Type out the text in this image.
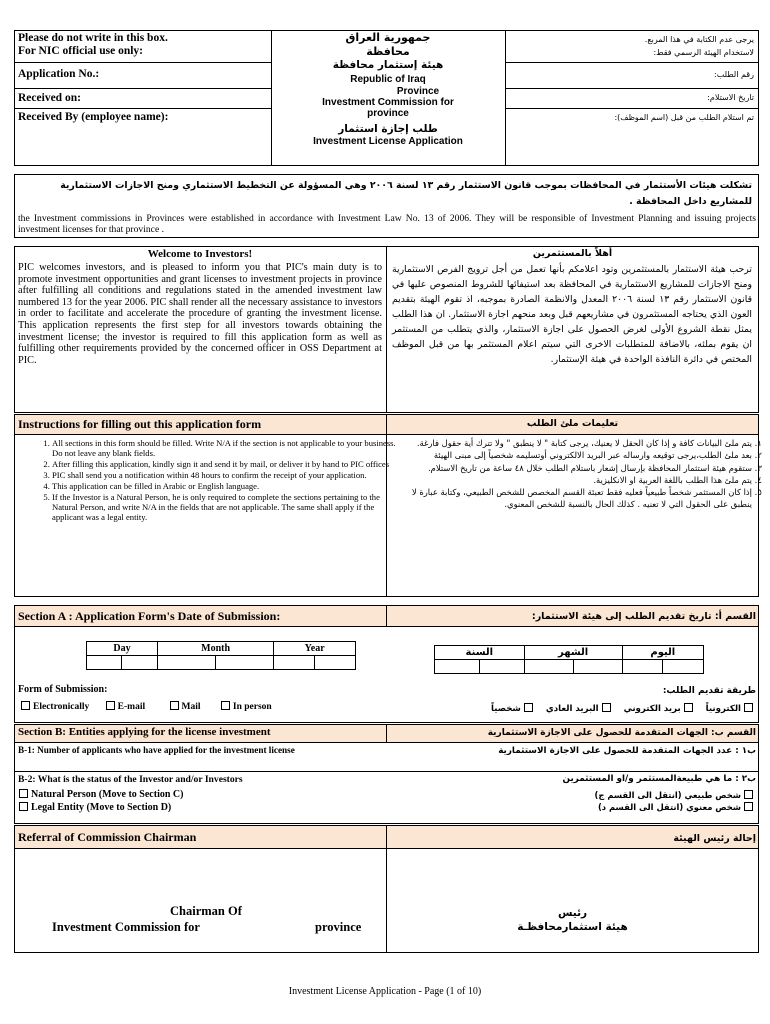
Please do not write in this box.
For NIC official use only:
Application No.:
Received on:
Received By (employee name):
يرجى عدم الكتابة في هذا المربع.
لاستخدام الهيئة الرسمي فقط:
رقم الطلب:
تاريخ الاستلام:
تم استلام الطلب من قبل (اسم الموظف):
جمهورية العراق
محافظة
هيئة إستثمار محافظة
Republic of Iraq
Province
Investment Commission for
province
طلب إجازة استثمار
Investment License Application
تشكلت هيئات الأستثمار في المحافظات بموجب قانون الاستثمار رقم ١٣ لسنة ٢٠٠٦ وهي المسؤولة عن التخطيط الاستثماري ومنح الاجازات الاستثمارية للمشاريع داخل المحافظة .
the Investment commissions in Provinces were established in accordance with Investment Law No. 13 of 2006. They will be responsible of Investment Planning and issuing projects investment licenses for that province .
Welcome to Investors!
PIC welcomes investors, and is pleased to inform you that PIC's main duty is to promote investment opportunities and grant licenses to investment projects in province after fulfilling all conditions and regulations stated in the amended investment law numbered 13 for the year 2006. PIC shall render all the necessary assistance to investors in order to facilitate and accelerate the procedure of granting the investment license. This application represents the first step for all investors towards obtaining the investment license; the investor is required to fill this application form as well as fulfilling other requirements provided by the concerned officer in OSS Department at PIC.
أهلاً بالمستثمرين
ترحب هيئة الاستثمار بالمستثمرين وتود اعلامكم بأنها تعمل من أجل ترويج الفرص الاستثمارية ومنح الاجازات للمشاريع الاستثمارية في المحافظة بعد استيفائها للشروط المنصوص عليها في قانون الاستثمار رقم ١٣ لسنة ٢٠٠٦ المعدل والانظمة الصادرة بموجبه، اذ تقوم الهيئة بتقديم العون الذي يحتاجه المستثمرون في مشاريعهم قبل وبعد منحهم اجازة الاستثمار. ان هذا الطلب يمثل نقطة الشروع الأولى لغرض الحصول على اجازة الاستثمار، والذي يتطلب من المستثمر ان يقوم بملئه، بالاضافة للمتطلبات الاخرى التي سيتم اعلام المستثمر بها من قبل الموظف المختص في دائرة النافذة الواحدة في هيئة الإستثمار.
Instructions for filling out this application form	تعليمات ملئ الطلب
1. All sections in this form should be filled. Write N/A if the section is not applicable to your business. Do not leave any blank fields.
2. After filling this application, kindly sign it and send it by mail, or deliver it by hand to PIC offices
3. PIC shall send you a notification within 48 hours to confirm the receipt of your application.
4. This application can be filled in Arabic or English language.
5. If the Investor is a Natural Person, he is only required to complete the sections pertaining to the Natural Person, and write N/A in the fields that are not applicable. The same shall apply if the applicant was a legal entity.
1. يتم ملئ البيانات كافة و إذا كان الحقل لا يعنيك، يرجى كتابة " لا ينطبق " ولا تترك أية حقول فارغة.
2. بعد ملئ الطلب،يرجى توقيعه وارساله عبر البريد الالكتروني أوتسليمه شخصياً إلى مبنى الهيئة
3. ستقوم هيئة استثمار المحافظة بإرسال إشعار باستلام الطلب خلال ٤٨ ساعة من تاريخ الاستلام.
4. يتم ملئ هذا الطلب باللغة العربية او الانكليزية.
5. إذا كان المستثمر شخصاً طبيعياً فعليه فقط تعبئة القسم المخصص للشخص الطبيعي، وكتابة عبارة لا ينطبق على الحقول التي لا تعنيه . كذلك الحال بالنسبة للشخص المعنوي.
Section A : Application Form's Date of Submission:	القسم أ: تاريخ تقديم الطلب إلى هيئة الاستثمار:
Day		Month		Year	
						السنة		الشهر		اليوم	

Form of Submission:
Electronically	E-mail	Mail	In person
طريقة تقديم الطلب:
الكترونياً بريد الكتروني البريد العادي شخصياً
Section B: Entities applying for the license investment	القسم ب: الجهات المتقدمة للحصول على الاجازة الاستثمارية
B-1: Number of applicants who have applied for the investment license	ب١ : عدد الجهات المتقدمة للحصول على الاجازة الاستثمارية
B-2: What is the status of the Investor and/or Investors
Natural Person (Move to Section C)
Legal Entity (Move to Section D)
ب٢ : ما هي طبيعةالمستثمر و/او المستثمرين
شخص طبيعي (انتقل الى القسم ج)
شخص معنوي (انتقل الى القسم د)
Referral of Commission Chairman	إحالة رئيس الهيئة
Chairman Of
Investment Commission for	province
رئيس
هيئة استثمارمحافظـة
Investment License Application - Page (1 of 10)
